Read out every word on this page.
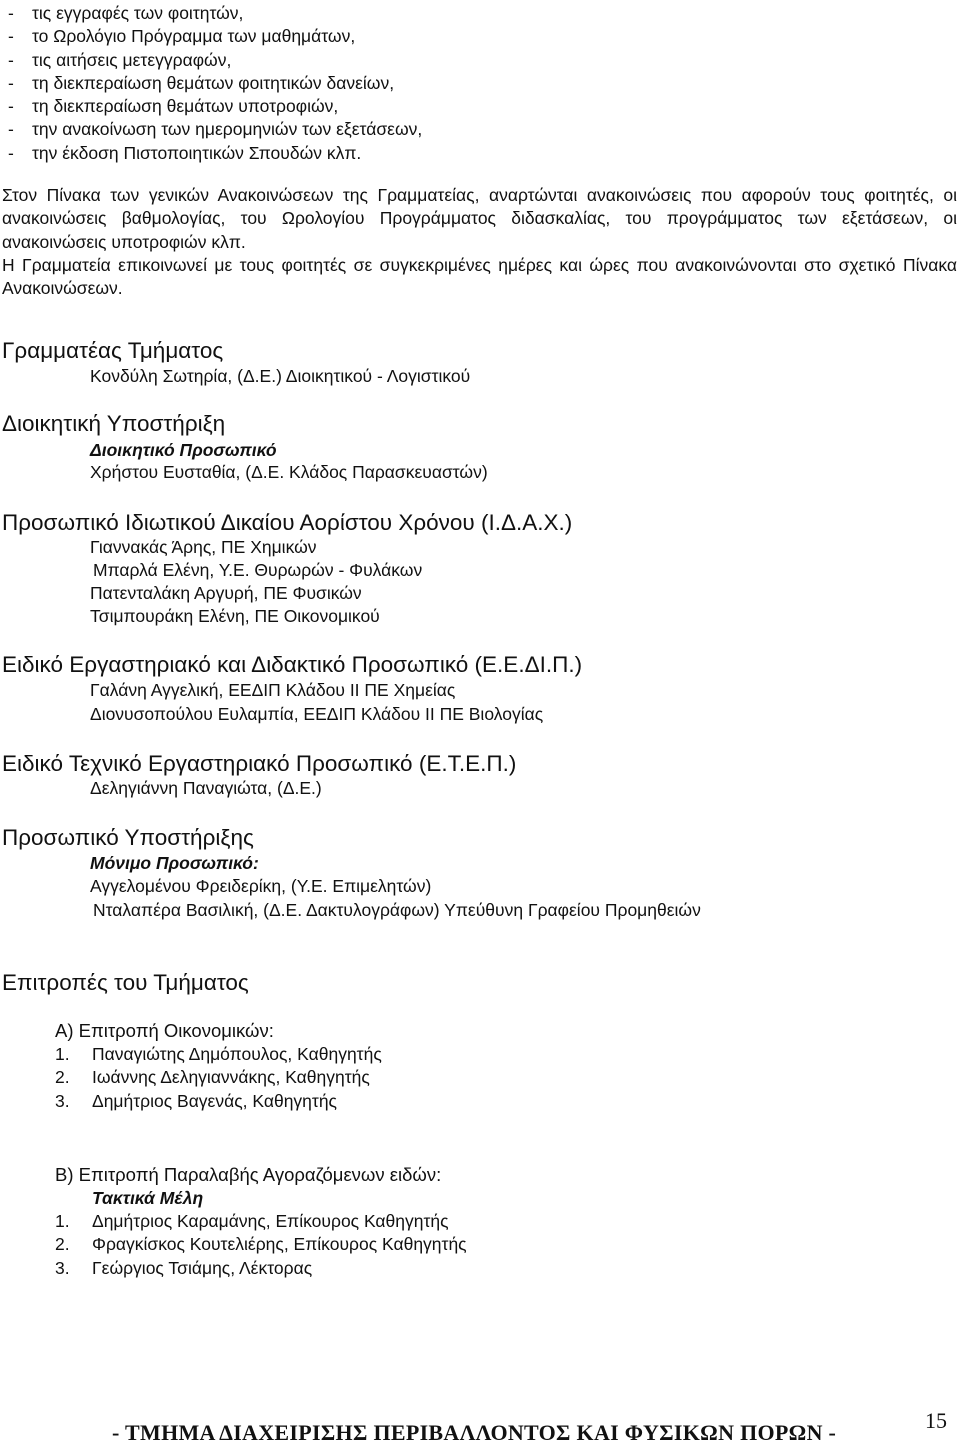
- τις εγγραφές των φοιτητών,
- το Ωρολόγιο Πρόγραμμα των μαθημάτων,
- τις αιτήσεις μετεγγραφών,
- τη διεκπεραίωση θεμάτων φοιτητικών δανείων,
- τη διεκπεραίωση θεμάτων υποτροφιών,
- την ανακοίνωση των ημερομηνιών των εξετάσεων,
- την έκδοση Πιστοποιητικών Σπουδών κλπ.

Στον Πίνακα των γενικών Ανακοινώσεων της Γραμματείας, αναρτώνται ανακοινώσεις που αφορούν τους φοιτητές, οι ανακοινώσεις βαθμολογίας, του Ωρολογίου Προγράμματος διδασκαλίας, του προγράμματος των εξετάσεων, οι ανακοινώσεις υποτροφιών κλπ.

Η Γραμματεία επικοινωνεί με τους φοιτητές σε συγκεκριμένες ημέρες και ώρες που ανακοινώνονται στο σχετικό Πίνακα Ανακοινώσεων.

Γραμματέας Τμήματος

Κονδύλη Σωτηρία, (Δ.Ε.) Διοικητικού - Λογιστικού

Διοικητική Υποστήριξη

Διοικητικό Προσωπικό

Χρήστου Ευσταθία, (Δ.Ε. Κλάδος Παρασκευαστών)

Προσωπικό Ιδιωτικού Δικαίου Αορίστου Χρόνου (Ι.Δ.Α.Χ.)

Γιαννακάς Άρης, ΠΕ Χημικών

Μπαρλά Ελένη, Υ.Ε. Θυρωρών - Φυλάκων

Πατενταλάκη Αργυρή, ΠΕ Φυσικών

Τσιμπουράκη Ελένη, ΠΕ Οικονομικού

Ειδικό Εργαστηριακό και Διδακτικό Προσωπικό (Ε.Ε.ΔΙ.Π.)

Γαλάνη Αγγελική, ΕΕΔΙΠ Κλάδου ΙΙ ΠΕ Χημείας

Διονυσοπούλου Ευλαμπία, ΕΕΔΙΠ Κλάδου ΙΙ ΠΕ Βιολογίας

Ειδικό Τεχνικό Εργαστηριακό Προσωπικό (Ε.Τ.Ε.Π.)

Δεληγιάννη Παναγιώτα, (Δ.Ε.)

Προσωπικό Υποστήριξης

Μόνιμο Προσωπικό:

Αγγελομένου Φρειδερίκη, (Υ.Ε. Επιμελητών)

Νταλαπέρα Βασιλική, (Δ.Ε. Δακτυλογράφων) Υπεύθυνη Γραφείου Προμηθειών

Επιτροπές του Τμήματος

Α) Επιτροπή Οικονομικών:

1. Παναγιώτης Δημόπουλος, Καθηγητής
2. Ιωάννης Δεληγιαννάκης, Καθηγητής
3. Δημήτριος Βαγενάς, Καθηγητής

Β) Επιτροπή Παραλαβής Αγοραζόμενων ειδών:

Τακτικά Μέλη

1. Δημήτριος Καραμάνης, Επίκουρος Καθηγητής
2. Φραγκίσκος Κουτελιέρης, Επίκουρος Καθηγητής
3. Γεώργιος Τσιάμης, Λέκτορας
- ΤΜΗΜΑ ΔΙΑΧΕΙΡΙΣΗΣ ΠΕΡΙΒΑΛΛΟΝΤΟΣ ΚΑΙ ΦΥΣΙΚΩΝ ΠΟΡΩΝ -	15
